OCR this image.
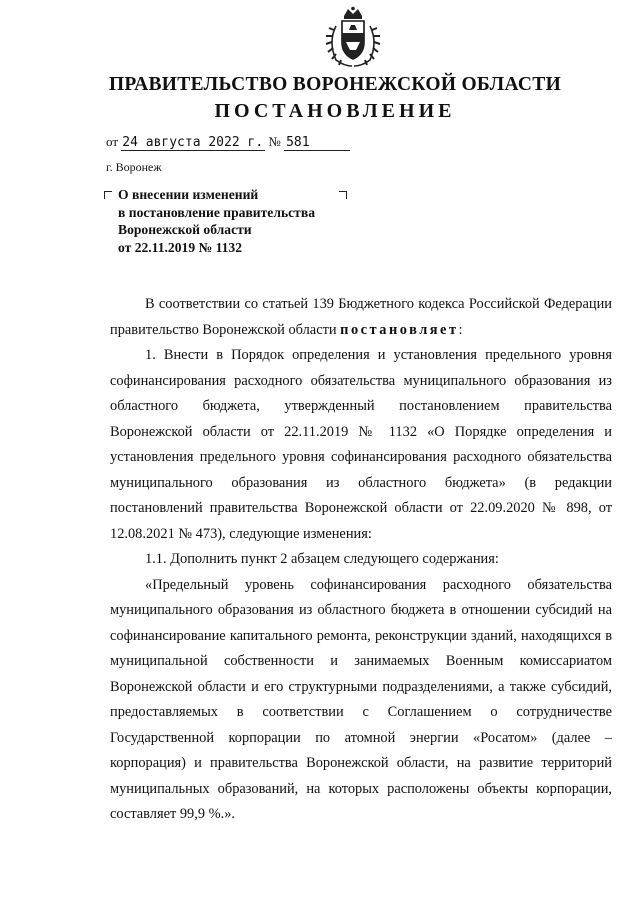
ПРАВИТЕЛЬСТВО ВОРОНЕЖСКОЙ ОБЛАСТИ
ПОСТАНОВЛЕНИЕ
от 24 августа 2022 г. № 581
г. Воронеж
О внесении изменений
в постановление правительства
Воронежской области
от 22.11.2019 № 1132

В соответствии со статьей 139 Бюджетного кодекса Российской Федерации правительство Воронежской области постановляет:

1. Внести в Порядок определения и установления предельного уровня софинансирования расходного обязательства муниципального образования из областного бюджета, утвержденный постановлением правительства Воронежской области от 22.11.2019 № 1132 «О Порядке определения и установления предельного уровня софинансирования расходного обязательства муниципального образования из областного бюджета» (в редакции постановлений правительства Воронежской области от 22.09.2020 № 898, от 12.08.2021 № 473), следующие изменения:

1.1. Дополнить пункт 2 абзацем следующего содержания:

«Предельный уровень софинансирования расходного обязательства муниципального образования из областного бюджета в отношении субсидий на софинансирование капитального ремонта, реконструкции зданий, находящихся в муниципальной собственности и занимаемых Военным комиссариатом Воронежской области и его структурными подразделениями, а также субсидий, предоставляемых в соответствии с Соглашением о сотрудничестве Государственной корпорации по атомной энергии «Росатом» (далее – корпорация) и правительства Воронежской области, на развитие территорий муниципальных образований, на которых расположены объекты корпорации, составляет 99,9 %.».
